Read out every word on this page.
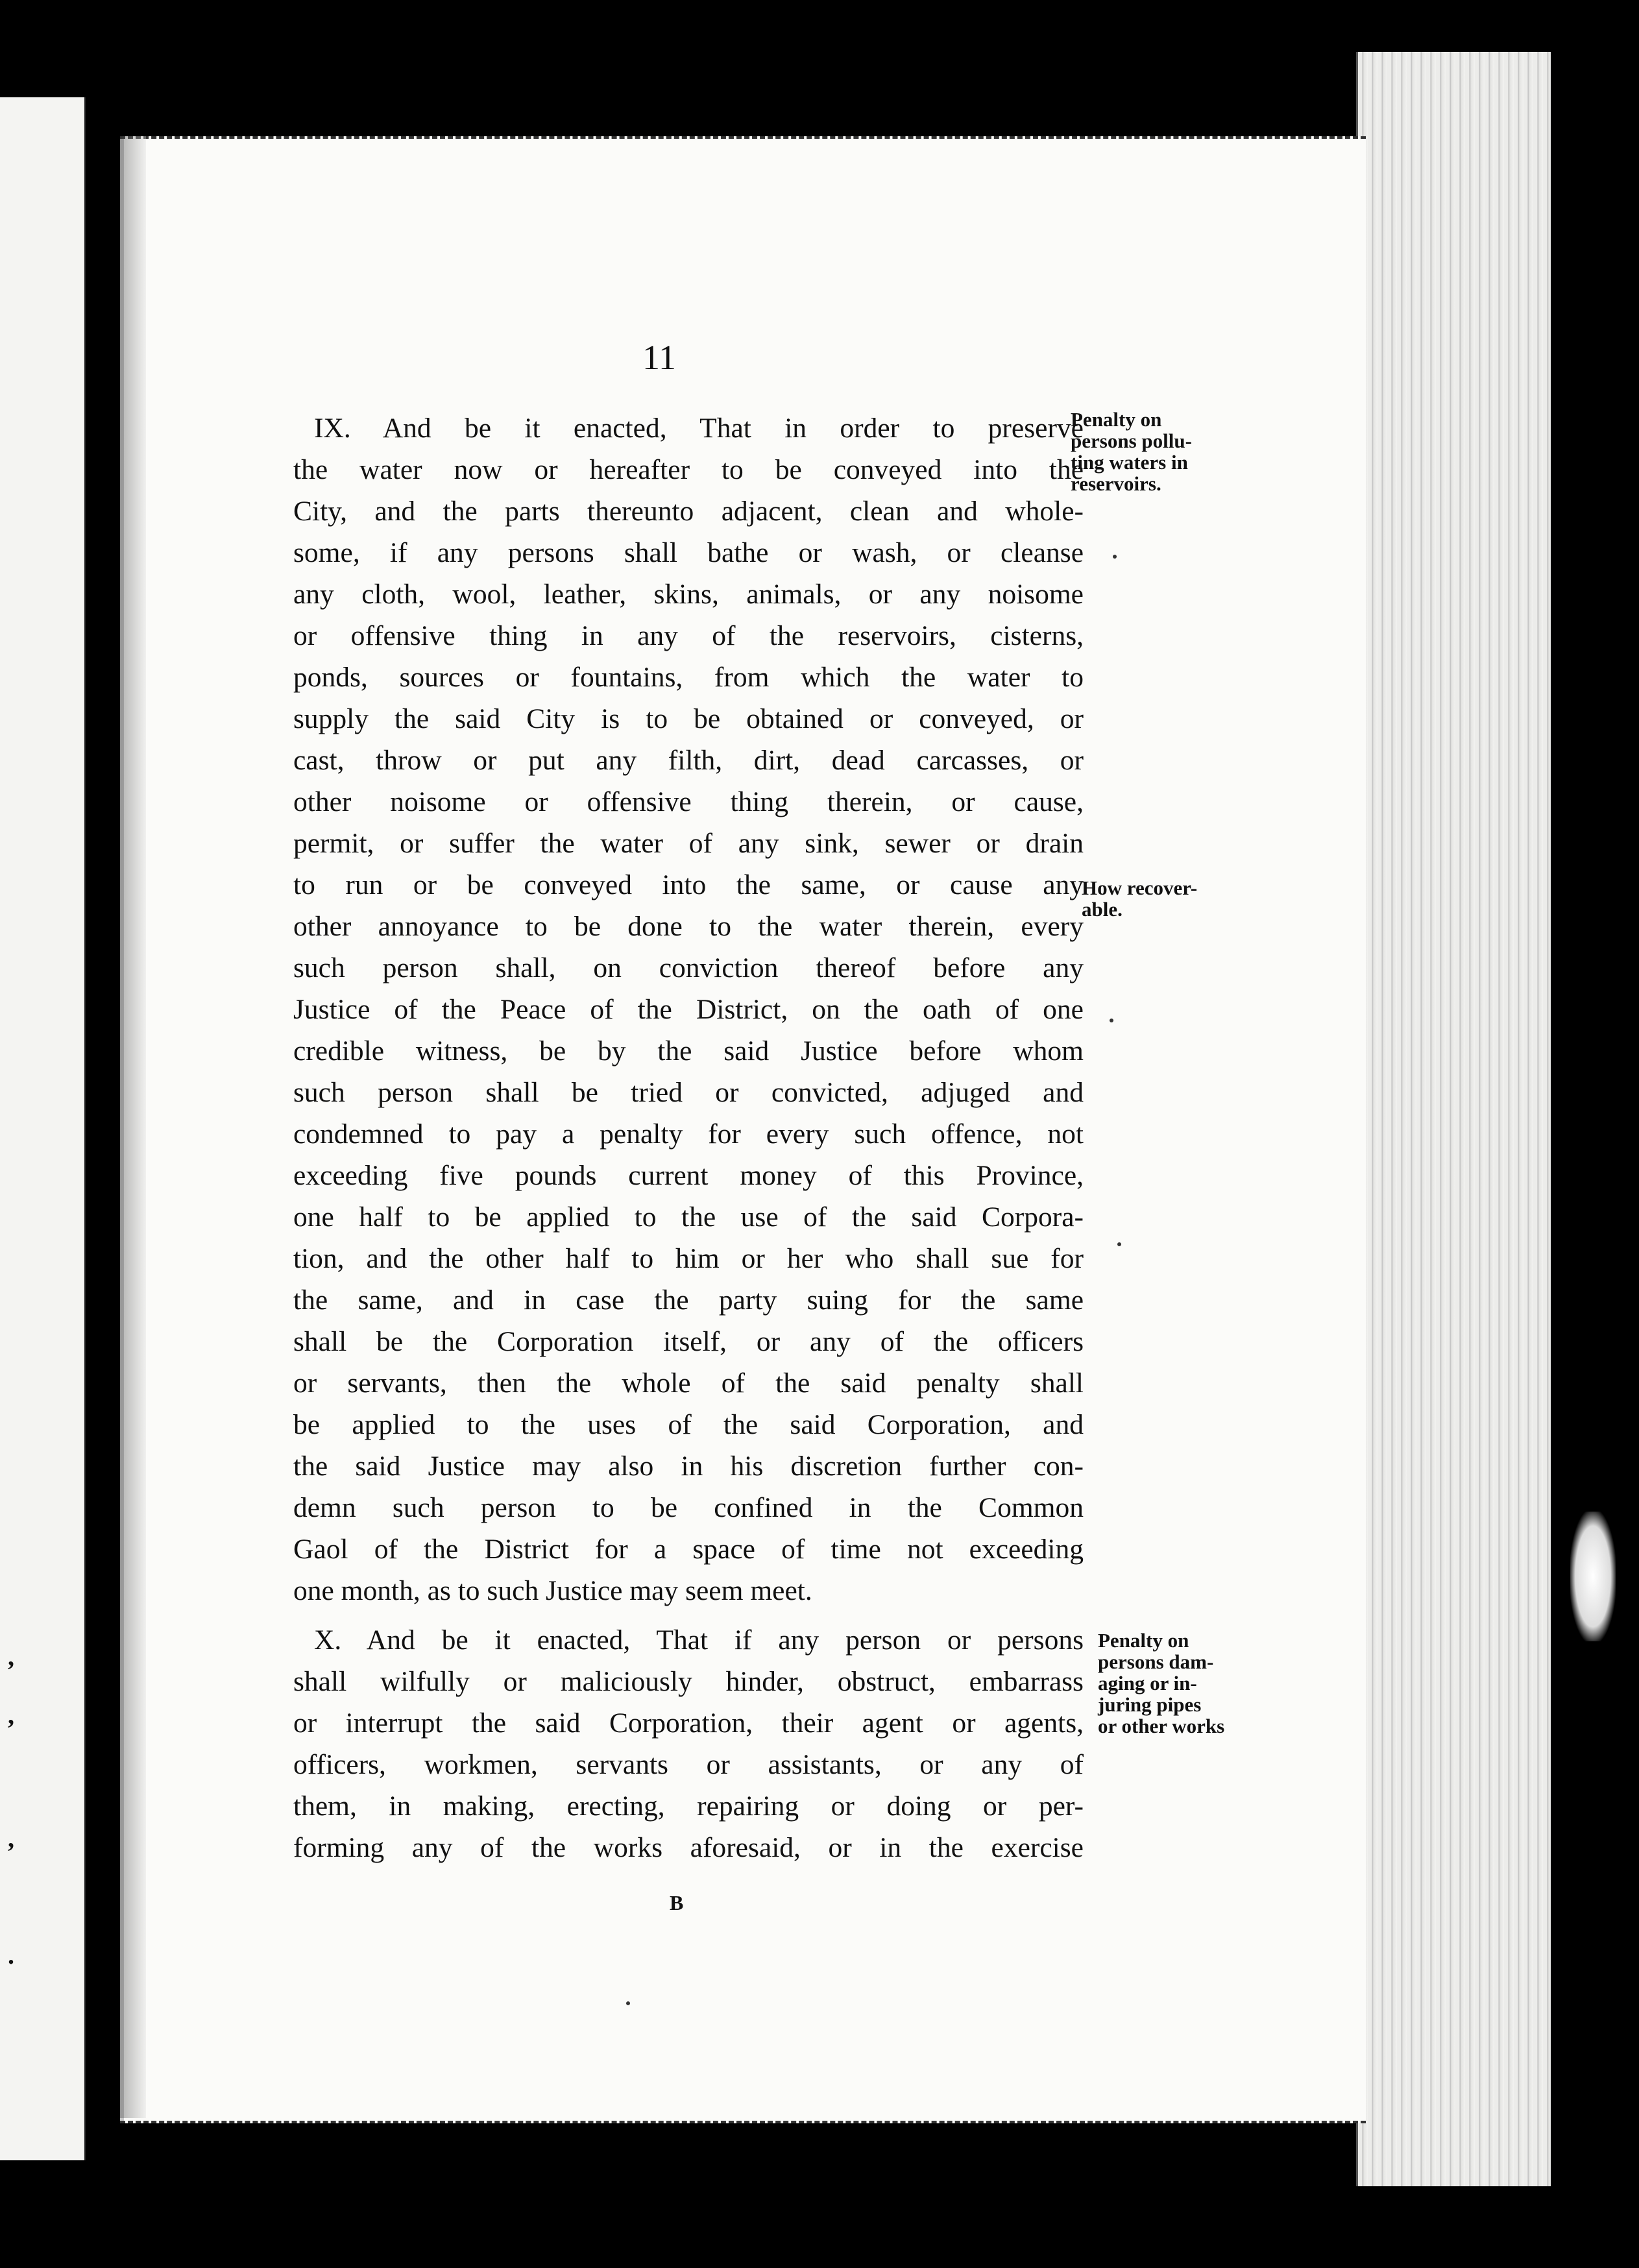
,
,
,
.
11
IX. And be it enacted, That in order to preserve
the water now or hereafter to be conveyed into the
City, and the parts thereunto adjacent, clean and whole-
some, if any persons shall bathe or wash, or cleanse
any cloth, wool, leather, skins, animals, or any noisome
or offensive thing in any of the reservoirs, cisterns,
ponds, sources or fountains, from which the water to
supply the said City is to be obtained or conveyed, or
cast, throw or put any filth, dirt, dead carcasses, or
other noisome or offensive thing therein, or cause,
permit, or suffer the water of any sink, sewer or drain
to run or be conveyed into the same, or cause any
other annoyance to be done to the water therein, every
such person shall, on conviction thereof before any
Justice of the Peace of the District, on the oath of one
credible witness, be by the said Justice before whom
such person shall be tried or convicted, adjuged and
condemned to pay a penalty for every such offence, not
exceeding five pounds current money of this Province,
one half to be applied to the use of the said Corpora-
tion, and the other half to him or her who shall sue for
the same, and in case the party suing for the same
shall be the Corporation itself, or any of the officers
or servants, then the whole of the said penalty shall
be applied to the uses of the said Corporation, and
the said Justice may also in his discretion further con-
demn such person to be confined in the Common
Gaol of the District for a space of time not exceeding
one month, as to such Justice may seem meet.
X. And be it enacted, That if any person or persons
shall wilfully or maliciously hinder, obstruct, embarrass
or interrupt the said Corporation, their agent or agents,
officers, workmen, servants or assistants, or any of
them, in making, erecting, repairing or doing or per-
forming any of the works aforesaid, or in the exercise
Penalty on
persons pollu-
ting waters in
reservoirs.
How recover-
able.
Penalty on
persons dam-
aging or in-
juring pipes
or other works
B
